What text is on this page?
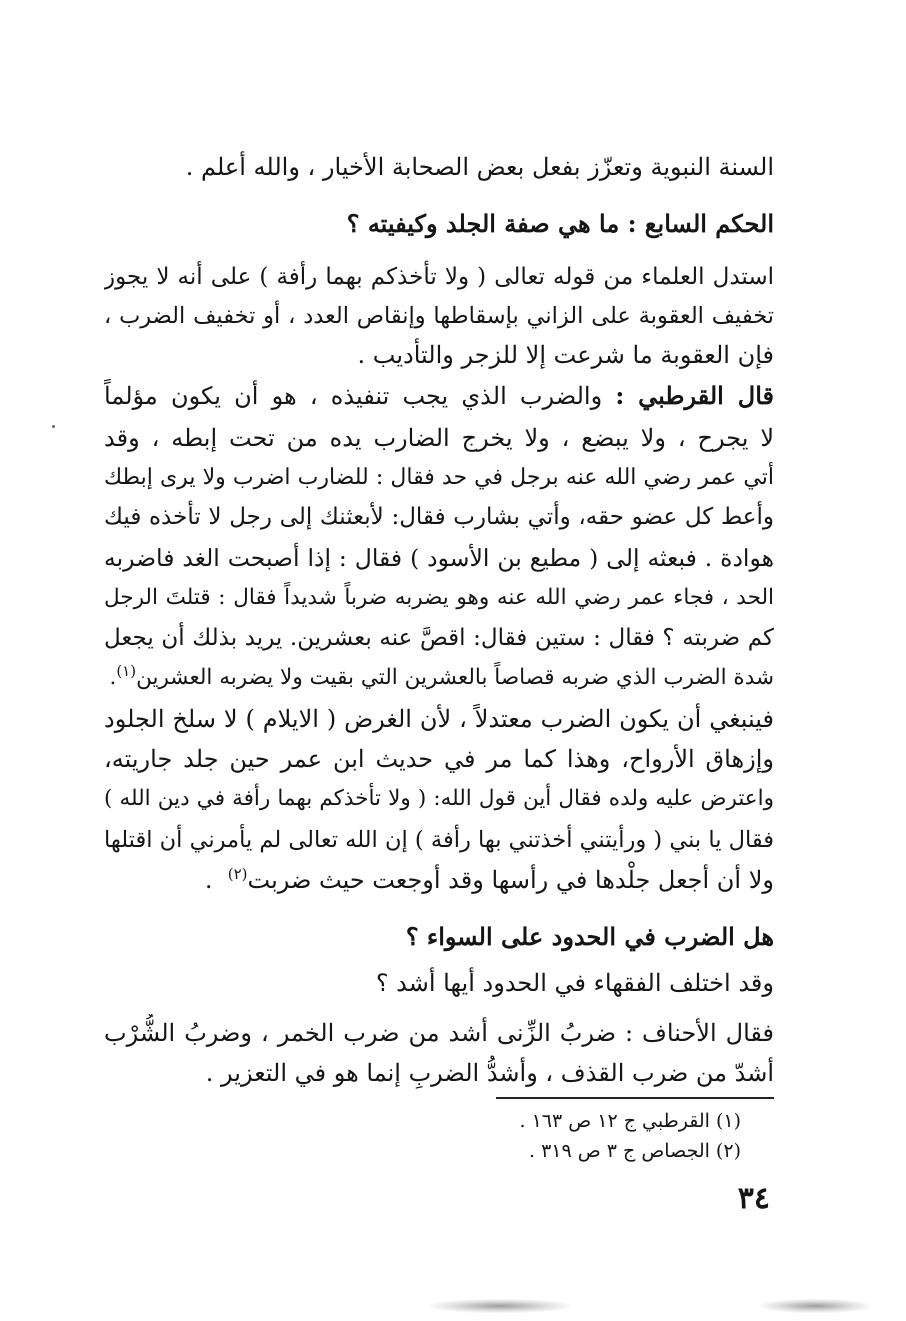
السنة النبوية وتعزّز بفعل بعض الصحابة الأخيار ، والله أعلم .
الحكم السابع : ما هي صفة الجلد وكيفيته ؟
استدل العلماء من قوله تعالى ( ولا تأخذكم بهما رأفة ) على أنه لا يجوز
تخفيف العقوبة على الزاني بإسقاطها وإنقاص العدد ، أو تخفيف الضرب ،
فإن العقوبة ما شرعت إلا للزجر والتأديب .
قال القرطبي : والضرب الذي يجب تنفيذه ، هو أن يكون مؤلماً
لا يجرح ، ولا يبضع ، ولا يخرج الضارب يده من تحت إبطه ، وقد
أتي عمر رضي الله عنه برجل في حد فقال : للضارب اضرب ولا يرى إبطك
وأعط كل عضو حقه، وأتي بشارب فقال: لأبعثنك إلى رجل لا تأخذه فيك
هوادة . فبعثه إلى ( مطيع بن الأسود ) فقال : إذا أصبحت الغد فاضربه
الحد ، فجاء عمر رضي الله عنه وهو يضربه ضرباً شديداً فقال : قتلتَ الرجل
كم ضربته ؟ فقال : ستين فقال: اقصَّ عنه بعشرين. يريد بذلك أن يجعل
شدة الضرب الذي ضربه قصاصاً بالعشرين التي بقيت ولا يضربه العشرين$^{(١)}$.
فينبغي أن يكون الضرب معتدلاً ، لأن الغرض ( الايلام ) لا سلخ الجلود
وإزهاق الأرواح، وهذا كما مر في حديث ابن عمر حين جلد جاريته،
واعترض عليه ولده فقال أين قول الله: ( ولا تأخذكم بهما رأفة في دين الله )
فقال يا بني ( ورأيتني أخذتني بها رأفة ) إن الله تعالى لم يأمرني أن اقتلها
ولا أن أجعل جلْدها في رأسها وقد أوجعت حيث ضربت$^{(٢)}$  .
هل الضرب في الحدود على السواء ؟
وقد اختلف الفقهاء في الحدود أيها أشد ؟
فقال الأحناف : ضربُ الزِّنى أشد من ضرب الخمر ، وضربُ الشُّرْب
أشدّ من ضرب القذف ، وأشدُّ الضربِ إنما هو في التعزير .
(١) القرطبي ج ١٢ ص ١٦٣ .
(٢) الجصاص ج ٣ ص ٣١٩ .
٣٤
